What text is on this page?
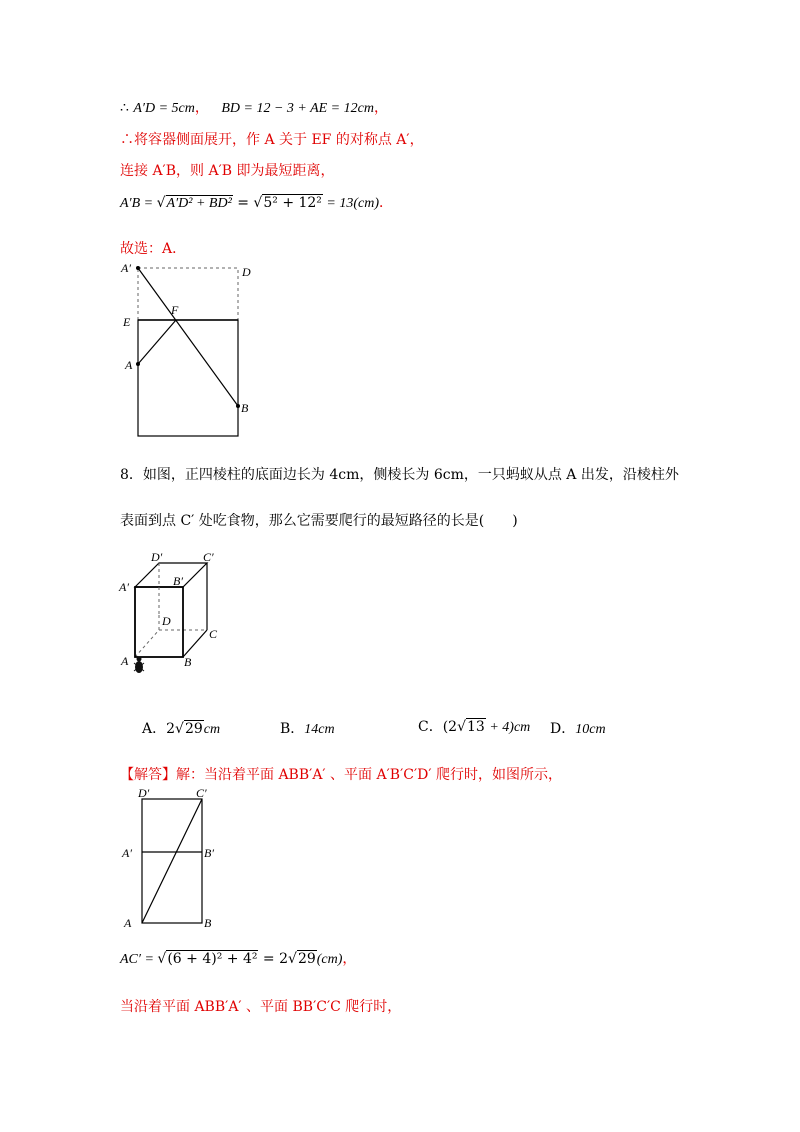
∴ A′D = 5cm， BD = 12 − 3 + AE = 12cm，
∴将容器侧面展开，作 A 关于 EF 的对称点 A′，
连接 A′B，则 A′B 即为最短距离，
A′B = √A′D² + BD² = √5² + 12² = 13(cm)．
故选：A．
A′	D
E
F
A
B
8．如图，正四棱柱的底面边长为 4cm，侧棱长为 6cm，一只蚂蚁从点 A 出发，沿棱柱外
表面到点 C′ 处吃食物，那么它需要爬行的最短路径的长是(　　)
D′	C′
A′	B′
D
C
A	B
A．2√29cm	B．14cm	C．(2√13 + 4)cm D．10cm
【解答】解：当沿着平面 ABB′A′ 、平面 A′B′C′D′ 爬行时，如图所示，
D′	C′
A′	B′
A	B
AC′ = √(6 + 4)² + 4² = 2√29(cm)，
当沿着平面 ABB′A′ 、平面 BB′C′C 爬行时，
